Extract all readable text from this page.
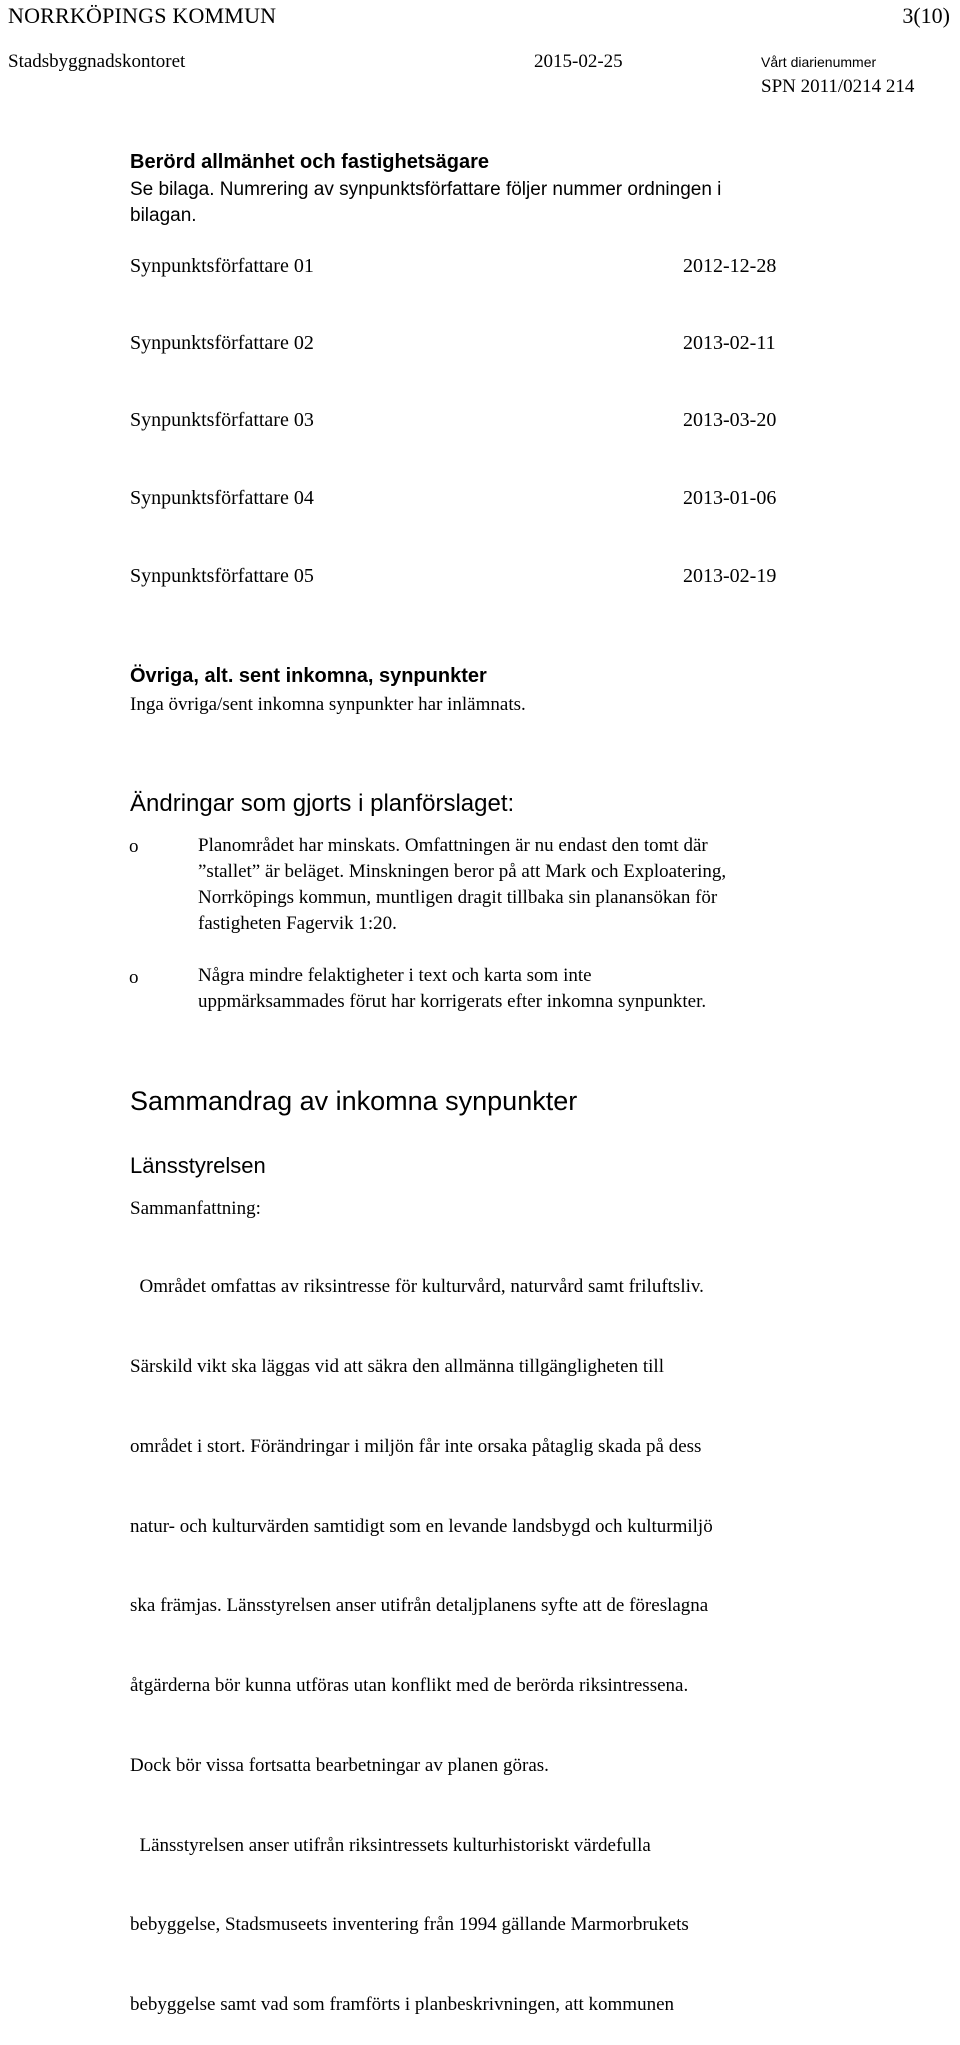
NORRKÖPINGS KOMMUN	3(10)
Stadsbyggnadskontoret	2015-02-25	Vårt diarienummer
SPN 2011/0214 214
Berörd allmänhet och fastighetsägare
Se bilaga. Numrering av synpunktsförfattare följer nummer ordningen i
bilagan.
Synpunktsförfattare 01	2012-12-28
Synpunktsförfattare 02	2013-02-11
Synpunktsförfattare 03	2013-03-20
Synpunktsförfattare 04	2013-01-06
Synpunktsförfattare 05	2013-02-19
Övriga, alt. sent inkomna, synpunkter
Inga övriga/sent inkomna synpunkter har inlämnats.
Ändringar som gjorts i planförslaget:
o	Planområdet har minskats. Omfattningen är nu endast den tomt där
”stallet” är beläget. Minskningen beror på att Mark och Exploatering,
Norrköpings kommun, muntligen dragit tillbaka sin planansökan för
fastigheten Fagervik 1:20.
o	Några mindre felaktigheter i text och karta som inte
uppmärksammades förut har korrigerats efter inkomna synpunkter.
Sammandrag av inkomna synpunkter
Länsstyrelsen
Sammanfattning:

Området omfattas av riksintresse för kulturvård, naturvård samt friluftsliv.

Särskild vikt ska läggas vid att säkra den allmänna tillgängligheten till

området i stort. Förändringar i miljön får inte orsaka påtaglig skada på dess

natur- och kulturvärden samtidigt som en levande landsbygd och kulturmiljö

ska främjas. Länsstyrelsen anser utifrån detaljplanens syfte att de föreslagna

åtgärderna bör kunna utföras utan konflikt med de berörda riksintressena.

Dock bör vissa fortsatta bearbetningar av planen göras.

Länsstyrelsen anser utifrån riksintressets kulturhistoriskt värdefulla

bebyggelse, Stadsmuseets inventering från 1994 gällande Marmorbrukets

bebyggelse samt vad som framförts i planbeskrivningen, att kommunen
